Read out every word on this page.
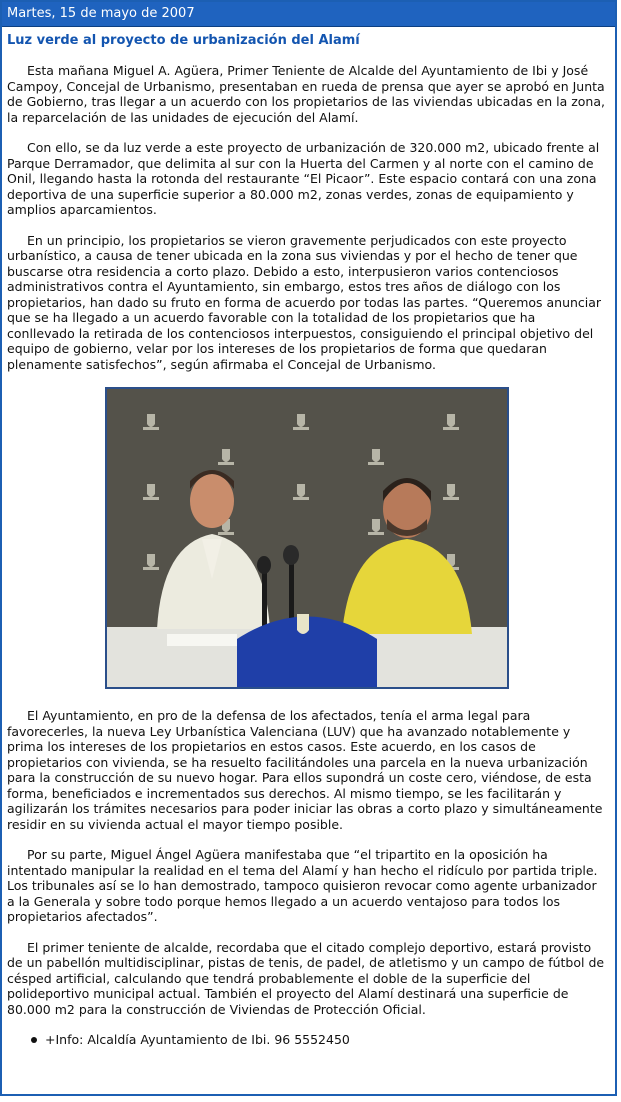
Martes, 15 de mayo de 2007
Luz verde al proyecto de urbanización del Alamí

Esta mañana Miguel A. Agüera, Primer Teniente de Alcalde del Ayuntamiento de Ibi y José Campoy, Concejal de Urbanismo, presentaban en rueda de prensa que ayer se aprobó en Junta de Gobierno, tras llegar a un acuerdo con los propietarios de las viviendas ubicadas en la zona, la reparcelación de las unidades de ejecución del Alamí.

Con ello, se da luz verde a este proyecto de urbanización de 320.000 m2, ubicado frente al Parque Derramador, que delimita al sur con la Huerta del Carmen y al norte con el camino de Onil, llegando hasta la rotonda del restaurante “El Picaor”. Este espacio contará con una zona deportiva de una superficie superior a 80.000 m2, zonas verdes, zonas de equipamiento y amplios aparcamientos.

En un principio, los propietarios se vieron gravemente perjudicados con este proyecto urbanístico, a causa de tener ubicada en la zona sus viviendas y por el hecho de tener que buscarse otra residencia a corto plazo. Debido a esto, interpusieron varios contenciosos administrativos contra el Ayuntamiento, sin embargo, estos tres años de diálogo con los propietarios, han dado su fruto en forma de acuerdo por todas las partes. “Queremos anunciar que se ha llegado a un acuerdo favorable con la totalidad de los propietarios que ha conllevado la retirada de los contenciosos interpuestos, consiguiendo el principal objetivo del equipo de gobierno, velar por los intereses de los propietarios de forma que quedaran plenamente satisfechos”, según afirmaba el Concejal de Urbanismo.

El Ayuntamiento, en pro de la defensa de los afectados, tenía el arma legal para favorecerles, la nueva Ley Urbanística Valenciana (LUV) que ha avanzado notablemente y prima los intereses de los propietarios en estos casos. Este acuerdo, en los casos de propietarios con vivienda, se ha resuelto facilitándoles una parcela en la nueva urbanización para la construcción de su nuevo hogar. Para ellos supondrá un coste cero, viéndose, de esta forma, beneficiados e incrementados sus derechos. Al mismo tiempo, se les facilitarán y agilizarán los trámites necesarios para poder iniciar las obras a corto plazo y simultáneamente residir en su vivienda actual el mayor tiempo posible.

Por su parte, Miguel Ángel Agüera manifestaba que “el tripartito en la oposición ha intentado manipular la realidad en el tema del Alamí y han hecho el ridículo por partida triple. Los tribunales así se lo han demostrado, tampoco quisieron revocar como agente urbanizador a la Generala y sobre todo porque hemos llegado a un acuerdo ventajoso para todos los propietarios afectados”.

El primer teniente de alcalde, recordaba que el citado complejo deportivo, estará provisto de un pabellón multidisciplinar, pistas de tenis, de padel, de atletismo y un campo de fútbol de césped artificial, calculando que tendrá probablemente el doble de la superficie del polideportivo municipal actual. También el proyecto del Alamí destinará una superficie de 80.000 m2 para la construcción de Viviendas de Protección Oficial.

+Info: Alcaldía Ayuntamiento de Ibi. 96 5552450
